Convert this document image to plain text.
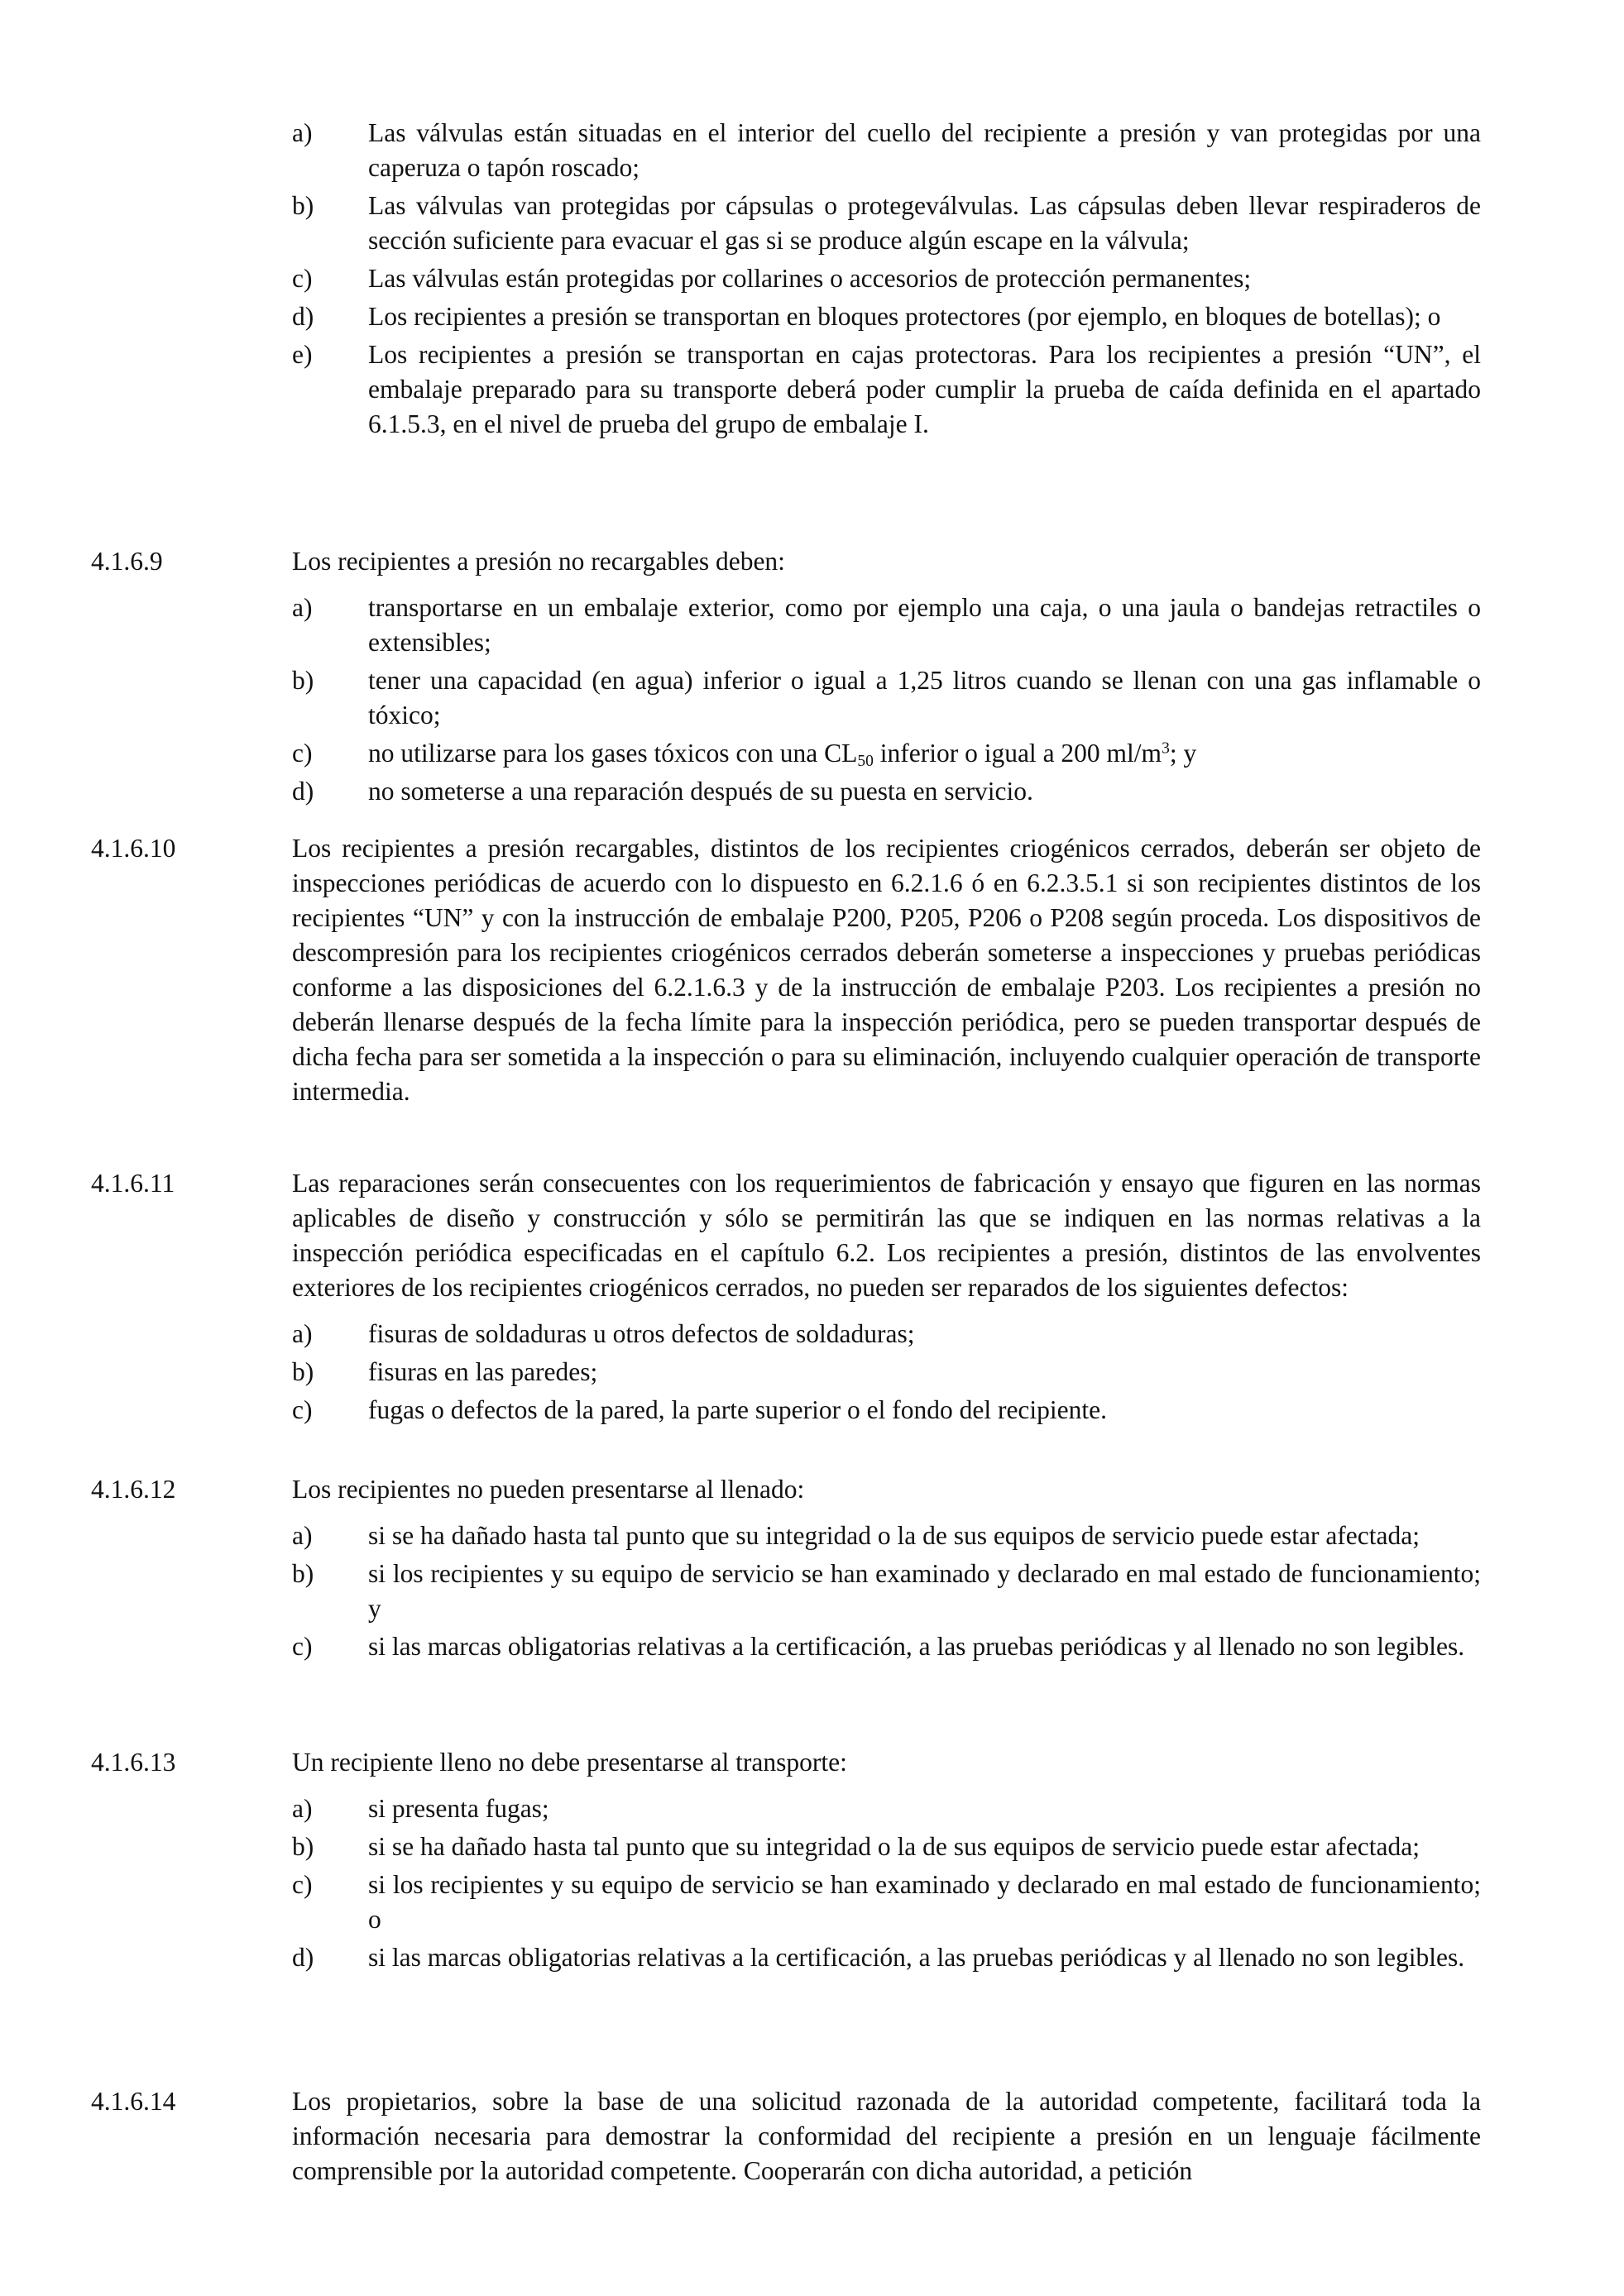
a) Las válvulas están situadas en el interior del cuello del recipiente a presión y van protegidas por una caperuza o tapón roscado;
b) Las válvulas van protegidas por cápsulas o protegeválvulas. Las cápsulas deben llevar respiraderos de sección suficiente para evacuar el gas si se produce algún escape en la válvula;
c) Las válvulas están protegidas por collarines o accesorios de protección permanentes;
d) Los recipientes a presión se transportan en bloques protectores (por ejemplo, en bloques de botellas); o
e) Los recipientes a presión se transportan en cajas protectoras. Para los recipientes a presión “UN”, el embalaje preparado para su transporte deberá poder cumplir la prueba de caída definida en el apartado 6.1.5.3, en el nivel de prueba del grupo de embalaje I.
4.1.6.9	Los recipientes a presión no recargables deben:
a) transportarse en un embalaje exterior, como por ejemplo una caja, o una jaula o bandejas retractiles o extensibles;
b) tener una capacidad (en agua) inferior o igual a 1,25 litros cuando se llenan con una gas inflamable o tóxico;
c) no utilizarse para los gases tóxicos con una $CL_{50}$ inferior o igual a 200 $ml/m^3$; y
d) no someterse a una reparación después de su puesta en servicio.
4.1.6.10	Los recipientes a presión recargables, distintos de los recipientes criogénicos cerrados, deberán ser objeto de inspecciones periódicas de acuerdo con lo dispuesto en 6.2.1.6 ó en 6.2.3.5.1 si son recipientes distintos de los recipientes “UN” y con la instrucción de embalaje P200, P205, P206 o P208 según proceda. Los dispositivos de descompresión para los recipientes criogénicos cerrados deberán someterse a inspecciones y pruebas periódicas conforme a las disposiciones del 6.2.1.6.3 y de la instrucción de embalaje P203. Los recipientes a presión no deberán llenarse después de la fecha límite para la inspección periódica, pero se pueden transportar después de dicha fecha para ser sometida a la inspección o para su eliminación, incluyendo cualquier operación de transporte intermedia.
4.1.6.11	Las reparaciones serán consecuentes con los requerimientos de fabricación y ensayo que figuren en las normas aplicables de diseño y construcción y sólo se permitirán las que se indiquen en las normas relativas a la inspección periódica especificadas en el capítulo 6.2. Los recipientes a presión, distintos de las envolventes exteriores de los recipientes criogénicos cerrados, no pueden ser reparados de los siguientes defectos:
a) fisuras de soldaduras u otros defectos de soldaduras;
b) fisuras en las paredes;
c) fugas o defectos de la pared, la parte superior o el fondo del recipiente.
4.1.6.12	Los recipientes no pueden presentarse al llenado:
a) si se ha dañado hasta tal punto que su integridad o la de sus equipos de servicio puede estar afectada;
b) si los recipientes y su equipo de servicio se han examinado y declarado en mal estado de funcionamiento; y
c) si las marcas obligatorias relativas a la certificación, a las pruebas periódicas y al llenado no son legibles.
4.1.6.13	Un recipiente lleno no debe presentarse al transporte:
a) si presenta fugas;
b) si se ha dañado hasta tal punto que su integridad o la de sus equipos de servicio puede estar afectada;
c) si los recipientes y su equipo de servicio se han examinado y declarado en mal estado de funcionamiento; o
d) si las marcas obligatorias relativas a la certificación, a las pruebas periódicas y al llenado no son legibles.
4.1.6.14	Los propietarios, sobre la base de una solicitud razonada de la autoridad competente, facilitará toda la información necesaria para demostrar la conformidad del recipiente a presión en un lenguaje fácilmente comprensible por la autoridad competente. Cooperarán con dicha autoridad, a petición
